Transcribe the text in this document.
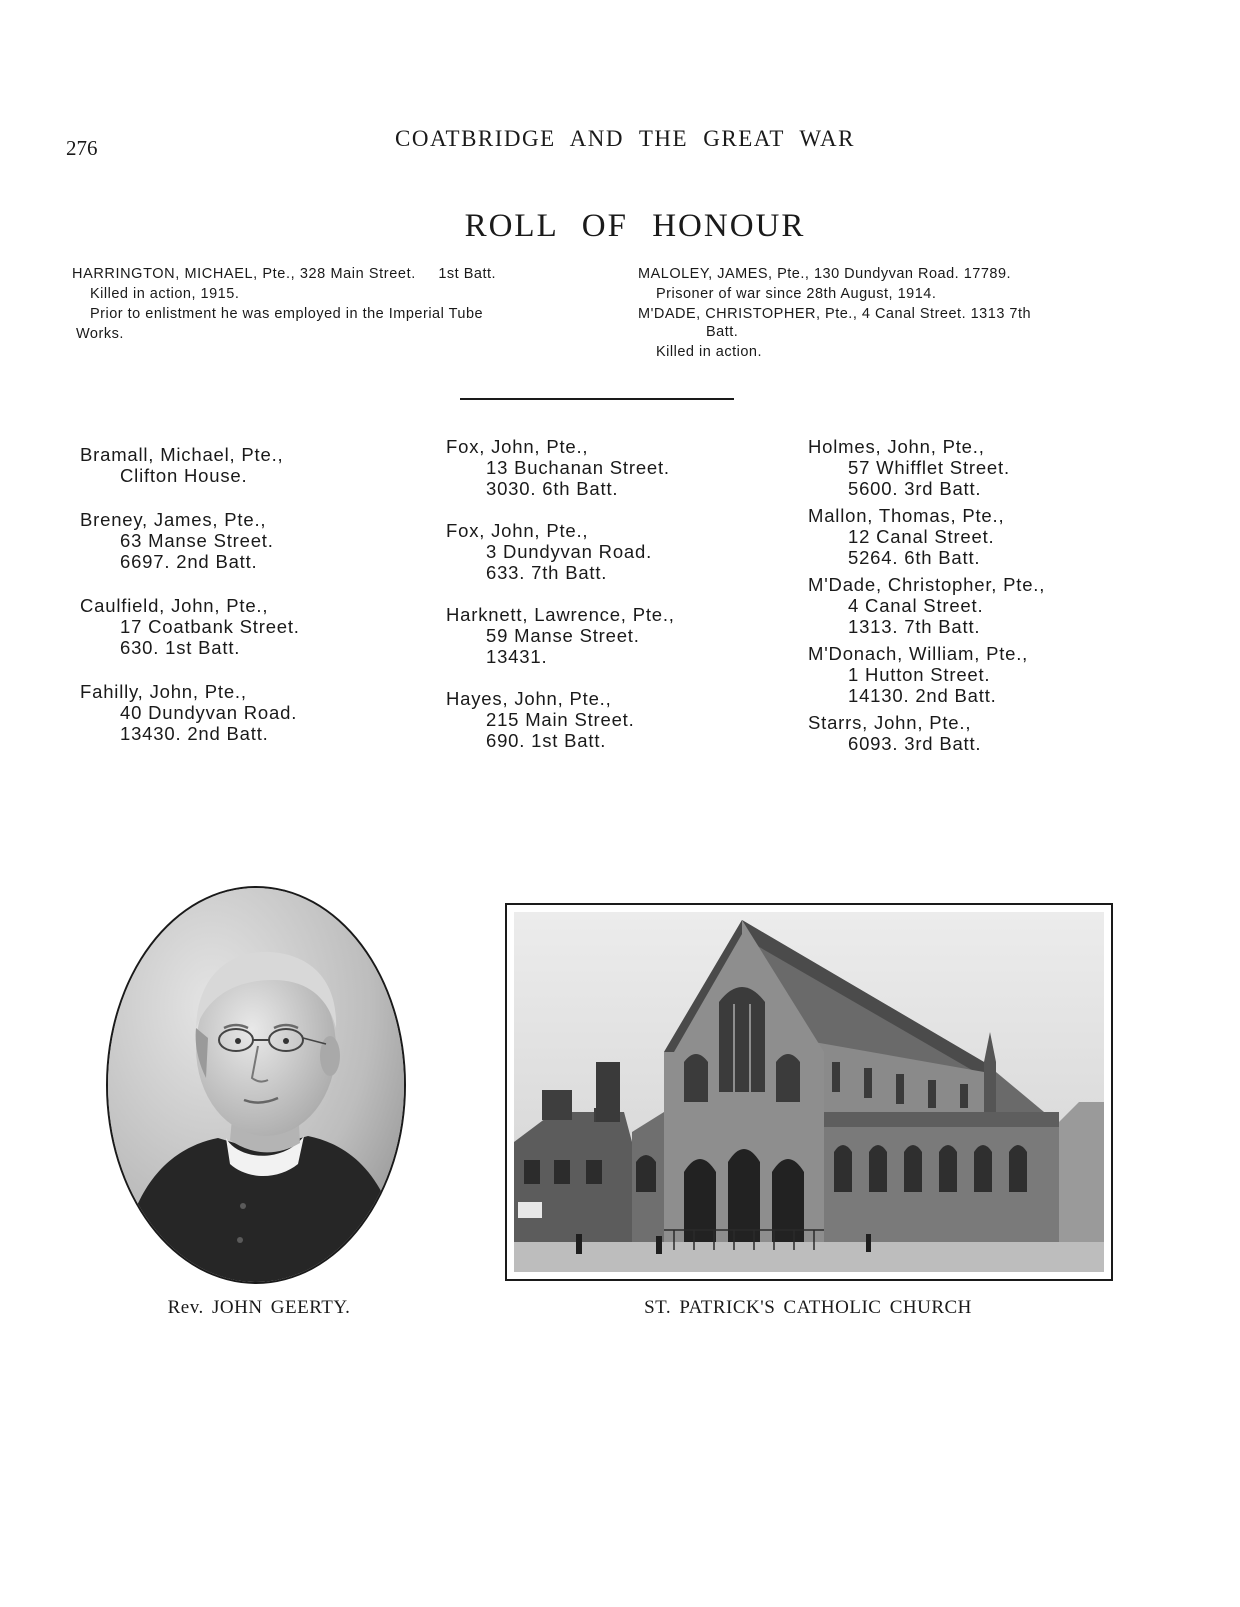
276	COATBRIDGE AND THE GREAT WAR
ROLL OF HONOUR

HARRINGTON, MICHAEL, Pte., 328 Main Street. 1st Batt.

Killed in action, 1915.

Prior to enlistment he was employed in the Imperial Tube

Works.

MALOLEY, JAMES, Pte., 130 Dundyvan Road. 17789.

Prisoner of war since 28th August, 1914.

M'DADE, CHRISTOPHER, Pte., 4 Canal Street. 1313 7th

Batt.

Killed in action.

Bramall, Michael, Pte.,
Clifton House.
Breney, James, Pte.,
63 Manse Street.
6697. 2nd Batt.
Caulfield, John, Pte.,
17 Coatbank Street.
630. 1st Batt.
Fahilly, John, Pte.,
40 Dundyvan Road.
13430. 2nd Batt.
Fox, John, Pte.,
13 Buchanan Street.
3030. 6th Batt.
Fox, John, Pte.,
3 Dundyvan Road.
633. 7th Batt.
Harknett, Lawrence, Pte.,
59 Manse Street.
13431.
Hayes, John, Pte.,
215 Main Street.
690. 1st Batt.
Holmes, John, Pte.,
57 Whifflet Street.
5600. 3rd Batt.
Mallon, Thomas, Pte.,
12 Canal Street.
5264. 6th Batt.
M'Dade, Christopher, Pte.,
4 Canal Street.
1313. 7th Batt.
M'Donach, William, Pte.,
1 Hutton Street.
14130. 2nd Batt.
Starrs, John, Pte.,
6093. 3rd Batt.
Rev. JOHN GEERTY.	ST. PATRICK'S CATHOLIC CHURCH
